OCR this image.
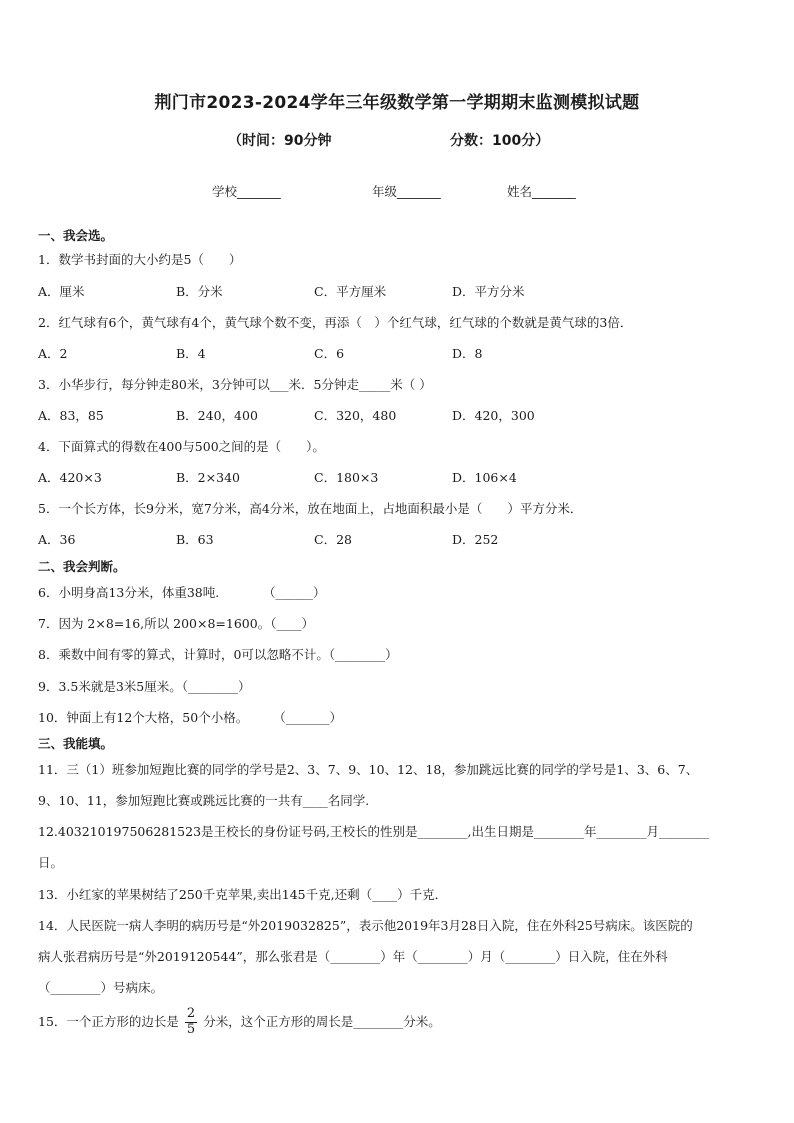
荆门市2023-2024学年三年级数学第一学期期末监测模拟试题
（时间：90分钟	分数：100分）
学校_______	年级_______	姓名_______
一、我会选。
1．数学书封面的大小约是5（　　）
A．厘米	B．分米	C．平方厘米	D．平方分米
2．红气球有6个，黄气球有4个，黄气球个数不变，再添（　）个红气球，红气球的个数就是黄气球的3倍．
A．2	B．4	C．6	D．8
3．小华步行，每分钟走80米，3分钟可以___米．5分钟走_____米（ ）
A．83，85	B．240，400	C．320，480	D．420，300
4．下面算式的得数在400与500之间的是（　　）。
A．420×3	B．2×340	C．180×3	D．106×4
5．一个长方体，长9分米，宽7分米，高4分米，放在地面上，占地面积最小是（　　）平方分米．
A．36	B．63	C．28	D．252
二、我会判断。
6．小明身高13分米，体重38吨.　　　　（______）
7．因为 2×8=16,所以 200×8=1600。（____）
8．乘数中间有零的算式，计算时，0可以忽略不计。（________）
9．3.5米就是3米5厘米。（________）
10．钟面上有12个大格，50个小格。　　　（_______）
三、我能填。
11．三（1）班参加短跑比赛的同学的学号是2、3、7、9、10、12、18，参加跳远比赛的同学的学号是1、3、6、7、
9、10、11，参加短跑比赛或跳远比赛的一共有____名同学.
12.403210197506281523是王校长的身份证号码,王校长的性别是________,出生日期是________年________月________
日。
13．小红家的苹果树结了250千克苹果,卖出145千克,还剩（____）千克．
14．人民医院一病人李明的病历号是“外2019032825”，表示他2019年3月28日入院，住在外科25号病床。该医院的
病人张君病历号是“外2019120544”，那么张君是（________）年（________）月（________）日入院，住在外科
（________）号病床。
15．一个正方形的边长是 $\frac{2}{5}$ 分米，这个正方形的周长是________分米。
